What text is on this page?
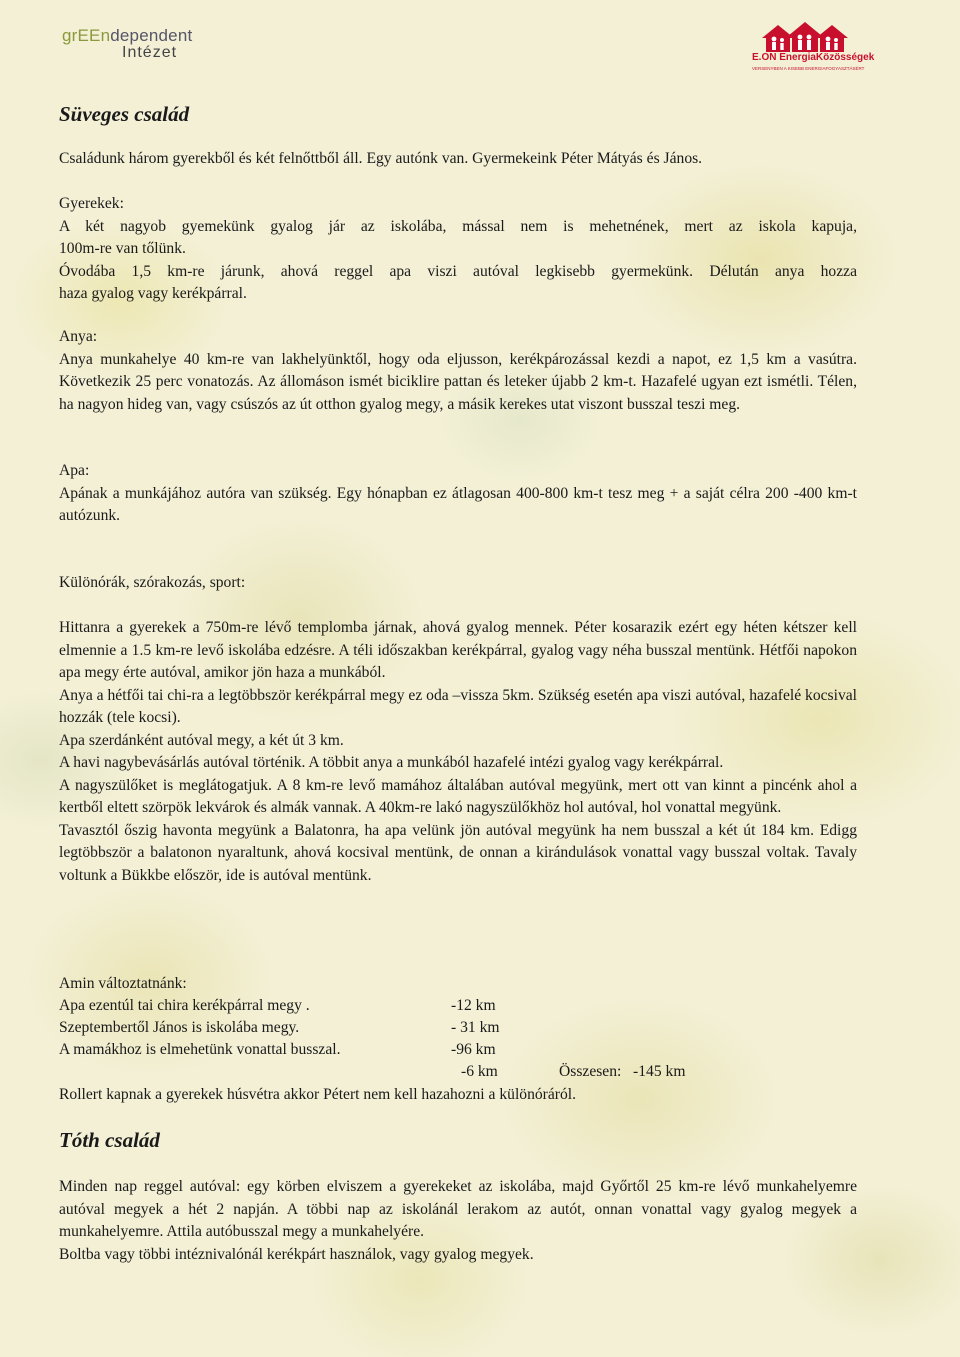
grEEndependent
Intézet	E.ON EnergiaKözösségek
VERSENYBEN A KISEBB ENERGIAFOGYASZTÁSÉRT
Süveges család
Családunk három gyerekből és két felnőttből áll. Egy autónk van. Gyermekeink Péter Mátyás és János.
Gyerekek:
A két nagyob gyemekünk gyalog jár az iskolába, mással nem is mehetnének, mert az iskola kapuja,
100m-re van tőlünk.
Óvodába 1,5 km-re járunk, ahová reggel apa viszi autóval legkisebb gyermekünk. Délután anya hozza
haza gyalog vagy kerékpárral.
Anya:
Anya munkahelye 40 km-re van lakhelyünktől, hogy oda eljusson, kerékpározással kezdi a napot, ez 1,5 km a vasútra. Következik 25 perc vonatozás. Az állomáson ismét biciklire pattan és leteker újabb 2 km-t. Hazafelé ugyan ezt ismétli. Télen, ha nagyon hideg van, vagy csúszós az út otthon gyalog megy, a másik kerekes utat viszont busszal teszi meg.
Apa:
Apának a munkájához autóra van szükség. Egy hónapban ez átlagosan 400-800 km-t tesz meg + a saját célra 200 -400 km-t autózunk.
Különórák, szórakozás, sport:
Hittanra a gyerekek a 750m-re lévő templomba járnak, ahová gyalog mennek. Péter kosarazik ezért egy héten kétszer kell elmennie a 1.5 km-re levő iskolába edzésre. A téli időszakban kerékpárral, gyalog vagy néha busszal mentünk. Hétfői napokon apa megy érte autóval, amikor jön haza a munkából.
Anya a hétfői tai chi-ra a legtöbbször kerékpárral megy ez oda –vissza 5km. Szükség esetén apa viszi autóval, hazafelé kocsival hozzák (tele kocsi).
Apa szerdánként autóval megy, a két út 3 km.
A havi nagybevásárlás autóval történik. A többit anya a munkából hazafelé intézi gyalog vagy kerékpárral.
A nagyszülőket is meglátogatjuk. A 8 km-re levő mamához általában autóval megyünk, mert ott van kinnt a pincénk ahol a kertből eltett szörpök lekvárok és almák vannak. A 40km-re lakó nagyszülőkhöz hol autóval, hol vonattal megyünk.
Tavasztól őszig havonta megyünk a Balatonra, ha apa velünk jön autóval megyünk ha nem busszal a két út 184 km. Edigg legtöbbször a balatonon nyaraltunk, ahová kocsival mentünk, de onnan a kirándulások vonattal vagy busszal voltak. Tavaly voltunk a Bükkbe először, ide is autóval mentünk.
Amin változtatnánk:
Apa ezentúl tai chira kerékpárral megy .	-12 km
Szeptembertől János is iskolába megy.	- 31 km
A mamákhoz is elmehetünk vonattal busszal.	-96 km
-6 km	Összesen:   -145 km
Rollert kapnak a gyerekek húsvétra akkor Pétert nem kell hazahozni a különóráról.
Tóth család
Minden nap reggel autóval: egy körben elviszem a gyerekeket az iskolába, majd Győrtől 25 km-re lévő munkahelyemre autóval megyek a hét 2 napján. A többi nap az iskolánál lerakom az autót, onnan vonattal vagy gyalog megyek a munkahelyemre. Attila autóbusszal megy a munkahelyére.
Boltba vagy többi intéznivalónál kerékpárt használok, vagy gyalog megyek.
